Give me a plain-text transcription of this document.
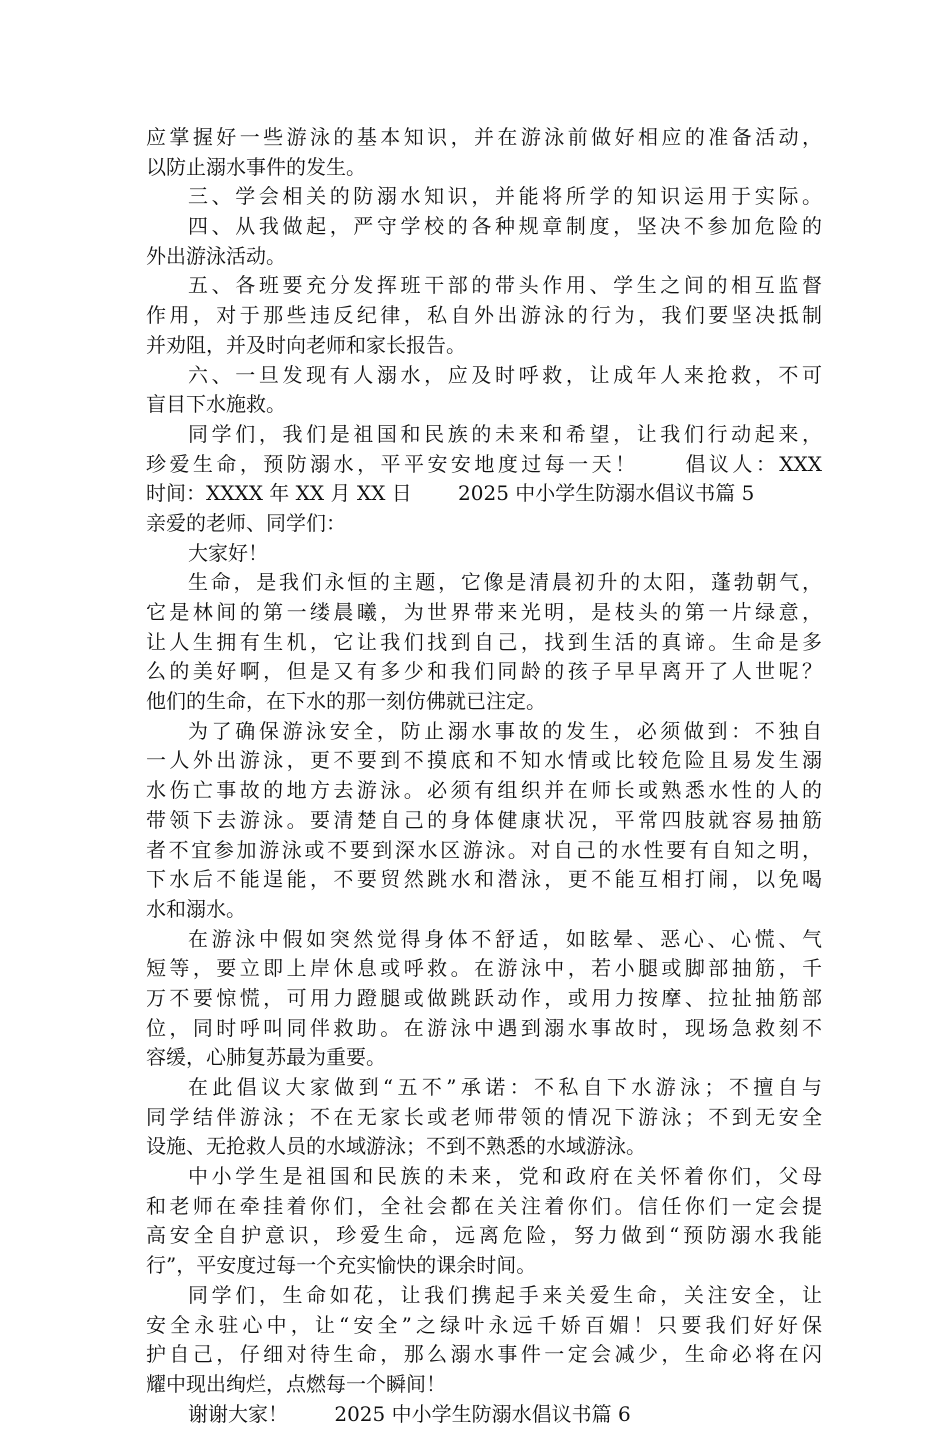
应掌握好一些游泳的基本知识，并在游泳前做好相应的准备活动，
以防止溺水事件的发生。
三、学会相关的防溺水知识，并能将所学的知识运用于实际。
四、从我做起，严守学校的各种规章制度，坚决不参加危险的
外出游泳活动。
五、各班要充分发挥班干部的带头作用、学生之间的相互监督
作用，对于那些违反纪律，私自外出游泳的行为，我们要坚决抵制
并劝阻，并及时向老师和家长报告。
六、一旦发现有人溺水，应及时呼救，让成年人来抢救，不可
盲目下水施救。
同学们，我们是祖国和民族的未来和希望，让我们行动起来，
珍爱生命，预防溺水，平平安安地度过每一天！　　倡议人：XXX
时间：XXXX 年 XX 月 XX 日　　 2025 中小学生防溺水倡议书篇 5
亲爱的老师、同学们：
大家好！
生命，是我们永恒的主题，它像是清晨初升的太阳，蓬勃朝气，
它是林间的第一缕晨曦，为世界带来光明，是枝头的第一片绿意，
让人生拥有生机，它让我们找到自己，找到生活的真谛。生命是多
么的美好啊，但是又有多少和我们同龄的孩子早早离开了人世呢？
他们的生命，在下水的那一刻仿佛就已注定。
为了确保游泳安全，防止溺水事故的发生，必须做到：不独自
一人外出游泳，更不要到不摸底和不知水情或比较危险且易发生溺
水伤亡事故的地方去游泳。必须有组织并在师长或熟悉水性的人的
带领下去游泳。要清楚自己的身体健康状况，平常四肢就容易抽筋
者不宜参加游泳或不要到深水区游泳。对自己的水性要有自知之明，
下水后不能逞能，不要贸然跳水和潜泳，更不能互相打闹，以免喝
水和溺水。
在游泳中假如突然觉得身体不舒适，如眩晕、恶心、心慌、气
短等，要立即上岸休息或呼救。在游泳中，若小腿或脚部抽筋，千
万不要惊慌，可用力蹬腿或做跳跃动作，或用力按摩、拉扯抽筋部
位，同时呼叫同伴救助。在游泳中遇到溺水事故时，现场急救刻不
容缓，心肺复苏最为重要。
在此倡议大家做到“五不”承诺：不私自下水游泳；不擅自与
同学结伴游泳；不在无家长或老师带领的情况下游泳；不到无安全
设施、无抢救人员的水域游泳；不到不熟悉的水域游泳。
中小学生是祖国和民族的未来，党和政府在关怀着你们，父母
和老师在牵挂着你们，全社会都在关注着你们。信任你们一定会提
高安全自护意识，珍爱生命，远离危险，努力做到“预防溺水我能
行”，平安度过每一个充实愉快的课余时间。
同学们，生命如花，让我们携起手来关爱生命，关注安全，让
安全永驻心中，让“安全”之绿叶永远千娇百媚！只要我们好好保
护自己，仔细对待生命，那么溺水事件一定会减少，生命必将在闪
耀中现出绚烂，点燃每一个瞬间！
谢谢大家！　　 2025 中小学生防溺水倡议书篇 6
